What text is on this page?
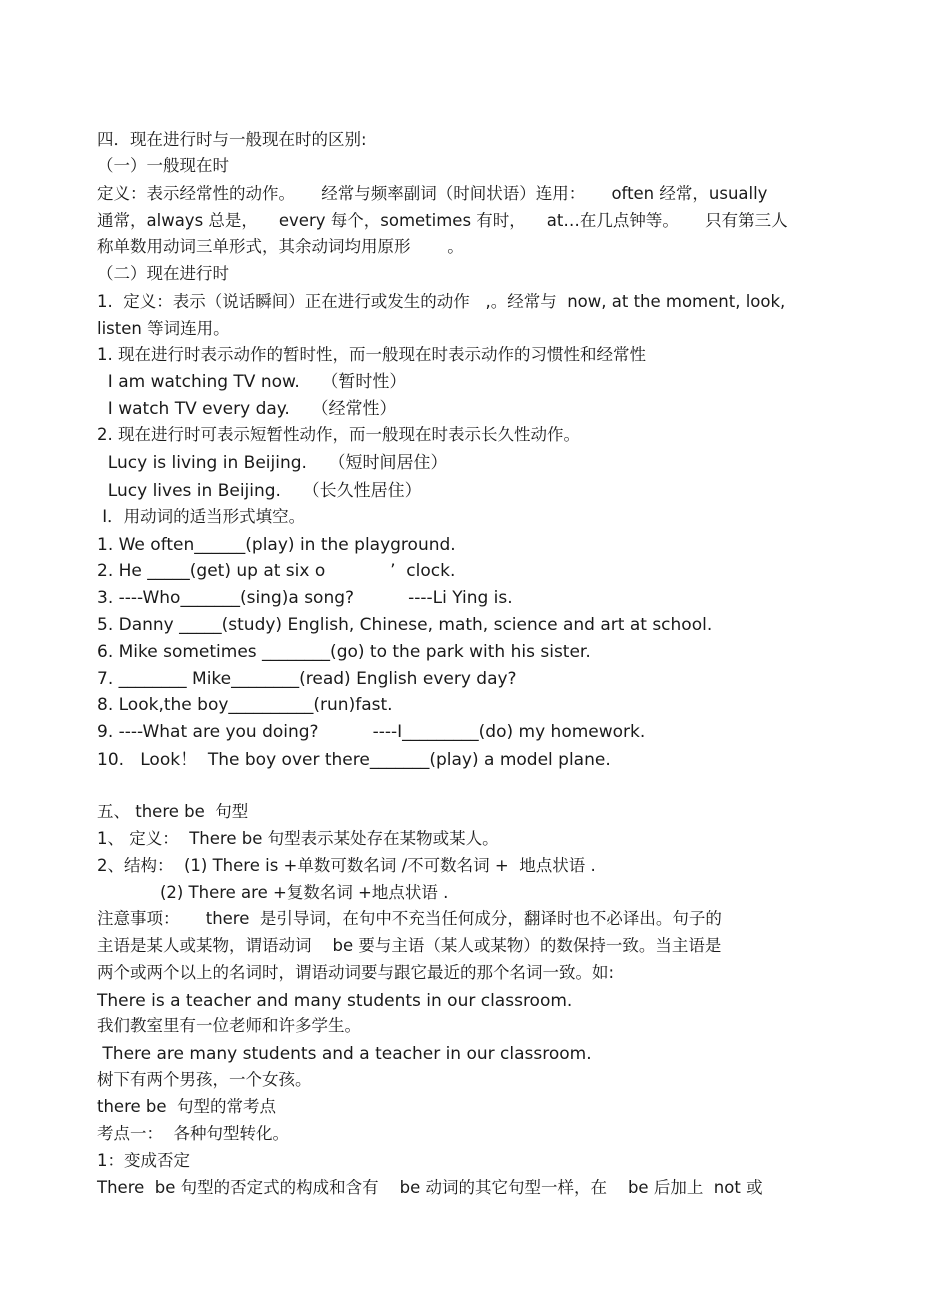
四．现在进行时与一般现在时的区别:
（一）一般现在时
定义：表示经常性的动作。     经常与频率副词（时间状语）连用：     often 经常，usually
通常，always 总是，    every 每个，sometimes 有时，    at…在几点钟等。     只有第三人
称单数用动词三单形式，其余动词均用原形       。
（二）现在进行时
1.  定义：表示（说话瞬间）正在进行或发生的动作   ,。经常与  now, at the moment, look,
listen 等词连用。
1. 现在进行时表示动作的暂时性，而一般现在时表示动作的习惯性和经常性
I am watching TV now.    （暂时性）
I watch TV every day.    （经常性）
2. 现在进行时可表示短暂性动作，而一般现在时表示长久性动作。
Lucy is living in Beijing.    （短时间居住）
Lucy lives in Beijing.    （长久性居住）
Ⅰ．用动词的适当形式填空。
1. We often______(play) in the playground.
2. He _____(get) up at six o            ’  clock.
3. ----Who_______(sing)a song?          ----Li Ying is.
5. Danny _____(study) English, Chinese, math, science and art at school.
6. Mike sometimes ________(go) to the park with his sister.
7. ________ Mike________(read) English every day?
8. Look,the boy__________(run)fast.
9. ----What are you doing?          ----I_________(do) my homework.
10.   Look！  The boy over there_______(play) a model plane.
五、 there be  句型
1、 定义：  There be 句型表示某处存在某物或某人。
2、结构：  (1) There is +单数可数名词 /不可数名词 +  地点状语 .
(2) There are +复数名词 +地点状语 .
注意事项：     there  是引导词，在句中不充当任何成分，翻译时也不必译出。句子的
主语是某人或某物，谓语动词    be 要与主语（某人或某物）的数保持一致。当主语是
两个或两个以上的名词时，谓语动词要与跟它最近的那个名词一致。如:
There is a teacher and many students in our classroom.
我们教室里有一位老师和许多学生。
There are many students and a teacher in our classroom.
树下有两个男孩，一个女孩。
there be  句型的常考点
考点一：  各种句型转化。
1：变成否定
There  be 句型的否定式的构成和含有    be 动词的其它句型一样，在    be 后加上  not 或
